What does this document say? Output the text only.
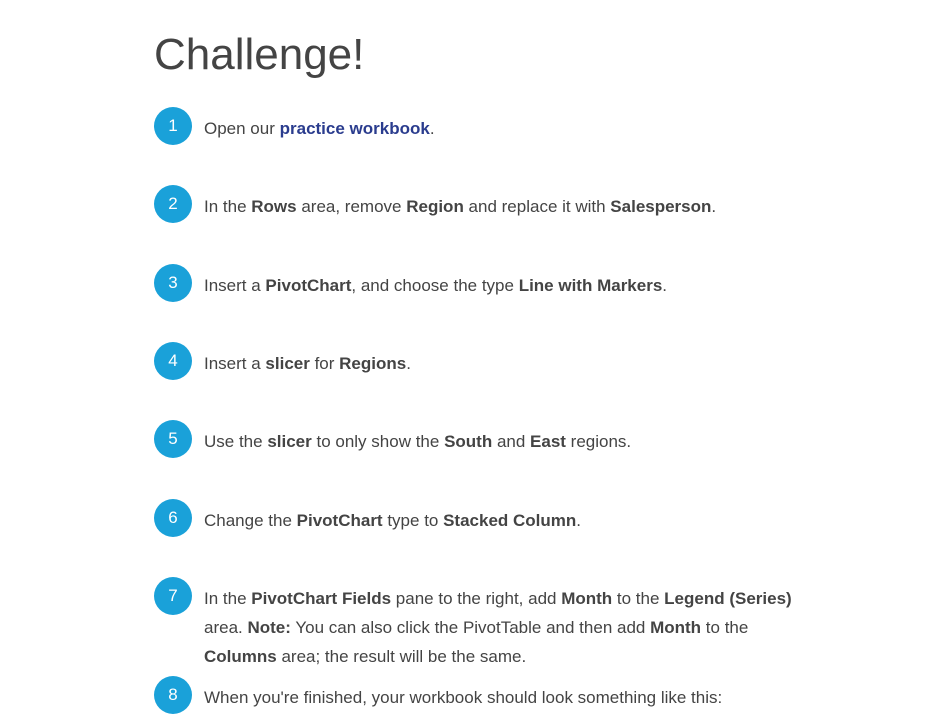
Challenge!
1	Open our practice workbook.
2	In the Rows area, remove Region and replace it with Salesperson.
3	Insert a PivotChart, and choose the type Line with Markers.
4	Insert a slicer for Regions.
5	Use the slicer to only show the South and East regions.
6	Change the PivotChart type to Stacked Column.
7	In the PivotChart Fields pane to the right, add Month to the Legend (Series) area. Note: You can also click the PivotTable and then add Month to the Columns area; the result will be the same.
8	When you're finished, your workbook should look something like this:
